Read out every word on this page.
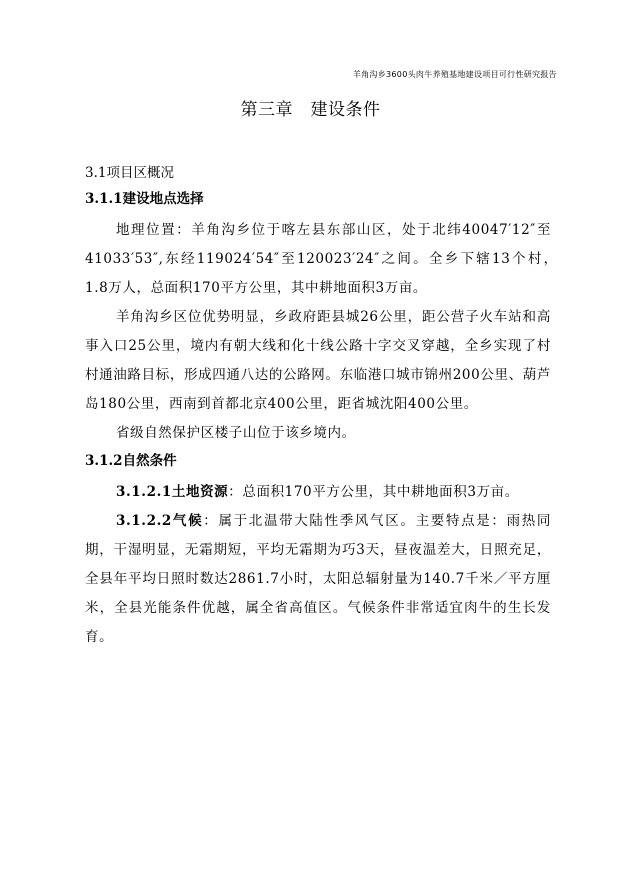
羊角沟乡3600头肉牛养殖基地建设项目可行性研究报告
第三章　建设条件
3.1项目区概况
3.1.1建设地点选择

地理位置：羊角沟乡位于喀左县东部山区，处于北纬40047′12″至41033′53″,东经119024′54″至120023′24″之间。全乡下辖13个村，　1.8万人，总面积170平方公里，其中耕地面积3万亩。

羊角沟乡区位优势明显，乡政府距县城26公里，距公营子火车站和高事入口25公里，境内有朝大线和化十线公路十字交叉穿越，全乡实现了村村通油路目标，形成四通八达的公路网。东临港口城市锦州200公里、葫芦岛180公里，西南到首都北京400公里，距省城沈阳400公里。

省级自然保护区楼子山位于该乡境内。

3.1.2自然条件

3.1.2.1土地资源：总面积170平方公里，其中耕地面积3万亩。

3.1.2.2气候：属于北温带大陆性季风气区。主要特点是：雨热同期，干湿明显，无霜期短，平均无霜期为巧3天，昼夜温差大，日照充足，全县年平均日照时数达2861.7小时，太阳总辐射量为140.7千米／平方厘米，全县光能条件优越，属全省高值区。气候条件非常适宜肉牛的生长发育。
